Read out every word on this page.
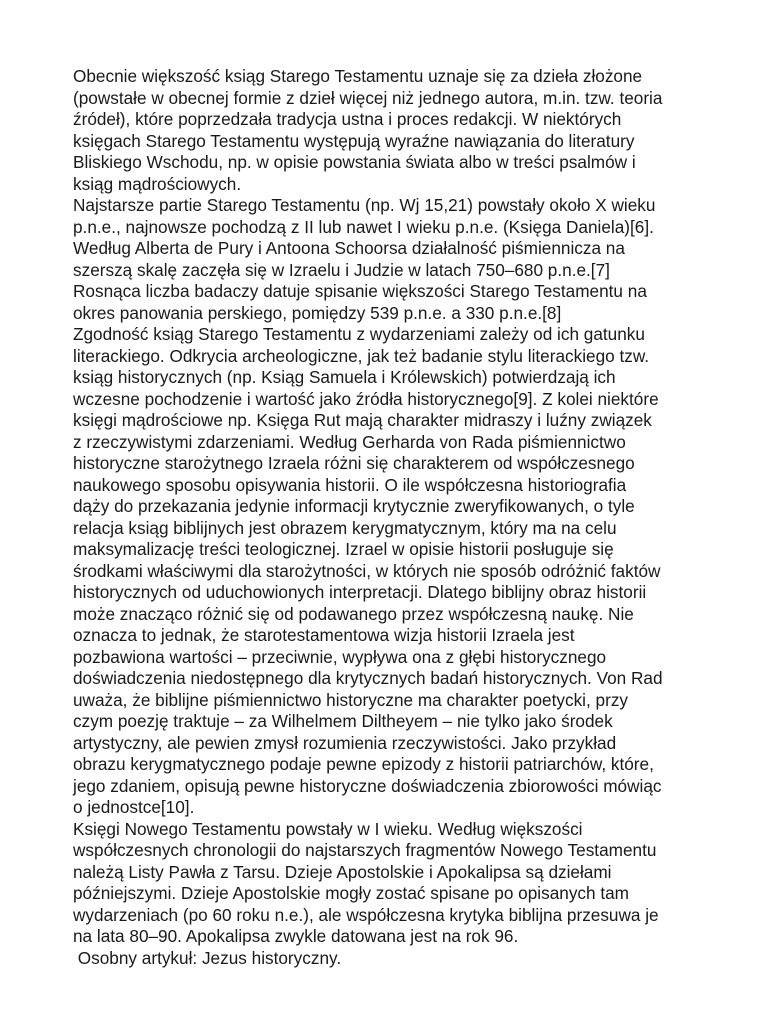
Obecnie większość ksiąg Starego Testamentu uznaje się za dzieła złożone
(powstałe w obecnej formie z dzieł więcej niż jednego autora, m.in. tzw. teoria
źródeł), które poprzedzała tradycja ustna i proces redakcji. W niektórych
księgach Starego Testamentu występują wyraźne nawiązania do literatury
Bliskiego Wschodu, np. w opisie powstania świata albo w treści psalmów i
ksiąg mądrościowych.
Najstarsze partie Starego Testamentu (np. Wj 15,21) powstały około X wieku
p.n.e., najnowsze pochodzą z II lub nawet I wieku p.n.e. (Księga Daniela)[6].
Według Alberta de Pury i Antoona Schoorsa działalność piśmiennicza na
szerszą skalę zaczęła się w Izraelu i Judzie w latach 750–680 p.n.e.[7]
Rosnąca liczba badaczy datuje spisanie większości Starego Testamentu na
okres panowania perskiego, pomiędzy 539 p.n.e. a 330 p.n.e.[8]
Zgodność ksiąg Starego Testamentu z wydarzeniami zależy od ich gatunku
literackiego. Odkrycia archeologiczne, jak też badanie stylu literackiego tzw.
ksiąg historycznych (np. Ksiąg Samuela i Królewskich) potwierdzają ich
wczesne pochodzenie i wartość jako źródła historycznego[9]. Z kolei niektóre
księgi mądrościowe np. Księga Rut mają charakter midraszy i luźny związek
z rzeczywistymi zdarzeniami. Według Gerharda von Rada piśmiennictwo
historyczne starożytnego Izraela różni się charakterem od współczesnego
naukowego sposobu opisywania historii. O ile współczesna historiografia
dąży do przekazania jedynie informacji krytycznie zweryfikowanych, o tyle
relacja ksiąg biblijnych jest obrazem kerygmatycznym, który ma na celu
maksymalizację treści teologicznej. Izrael w opisie historii posługuje się
środkami właściwymi dla starożytności, w których nie sposób odróżnić faktów
historycznych od uduchowionych interpretacji. Dlatego biblijny obraz historii
może znacząco różnić się od podawanego przez współczesną naukę. Nie
oznacza to jednak, że starotestamentowa wizja historii Izraela jest
pozbawiona wartości – przeciwnie, wypływa ona z głębi historycznego
doświadczenia niedostępnego dla krytycznych badań historycznych. Von Rad
uważa, że biblijne piśmiennictwo historyczne ma charakter poetycki, przy
czym poezję traktuje – za Wilhelmem Diltheyem – nie tylko jako środek
artystyczny, ale pewien zmysł rozumienia rzeczywistości. Jako przykład
obrazu kerygmatycznego podaje pewne epizody z historii patriarchów, które,
jego zdaniem, opisują pewne historyczne doświadczenia zbiorowości mówiąc
o jednostce[10].
Księgi Nowego Testamentu powstały w I wieku. Według większości
współczesnych chronologii do najstarszych fragmentów Nowego Testamentu
należą Listy Pawła z Tarsu. Dzieje Apostolskie i Apokalipsa są dziełami
późniejszymi. Dzieje Apostolskie mogły zostać spisane po opisanych tam
wydarzeniach (po 60 roku n.e.), ale współczesna krytyka biblijna przesuwa je
na lata 80–90. Apokalipsa zwykle datowana jest na rok 96.
Osobny artykuł: Jezus historyczny.
